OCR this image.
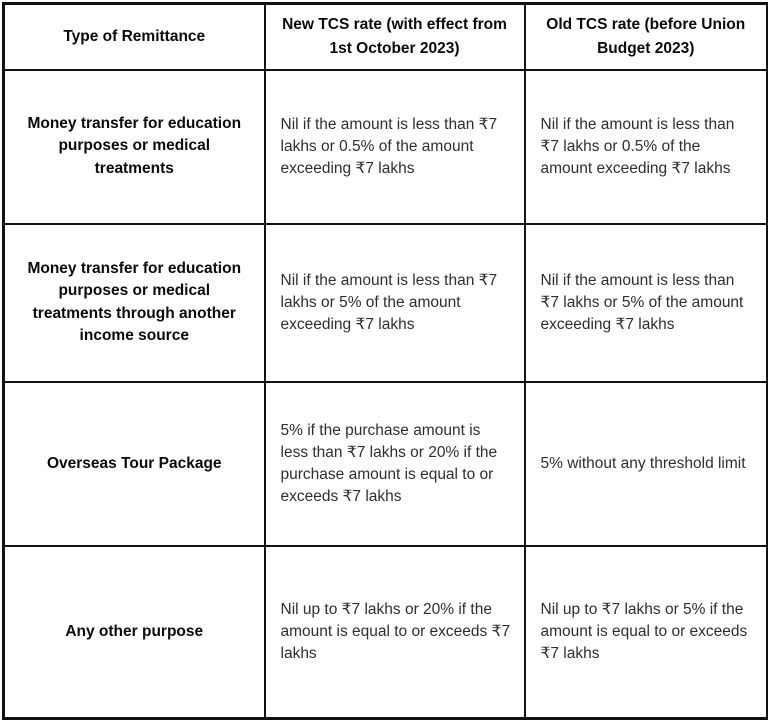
Type of Remittance	New TCS rate (with effect from 1st October 2023)	Old TCS rate (before Union Budget 2023)
Money transfer for education purposes or medical treatments	Nil if the amount is less than ₹7 lakhs or 0.5% of the amount exceeding ₹7 lakhs	Nil if the amount is less than ₹7 lakhs or 0.5% of the amount exceeding ₹7 lakhs
Money transfer for education purposes or medical treatments through another income source	Nil if the amount is less than ₹7 lakhs or 5% of the amount exceeding ₹7 lakhs	Nil if the amount is less than ₹7 lakhs or 5% of the amount exceeding ₹7 lakhs
Overseas Tour Package	5% if the purchase amount is less than ₹7 lakhs or 20% if the purchase amount is equal to or exceeds ₹7 lakhs	5% without any threshold limit
Any other purpose	Nil up to ₹7 lakhs or 20% if the amount is equal to or exceeds ₹7 lakhs	Nil up to ₹7 lakhs or 5% if the amount is equal to or exceeds ₹7 lakhs
